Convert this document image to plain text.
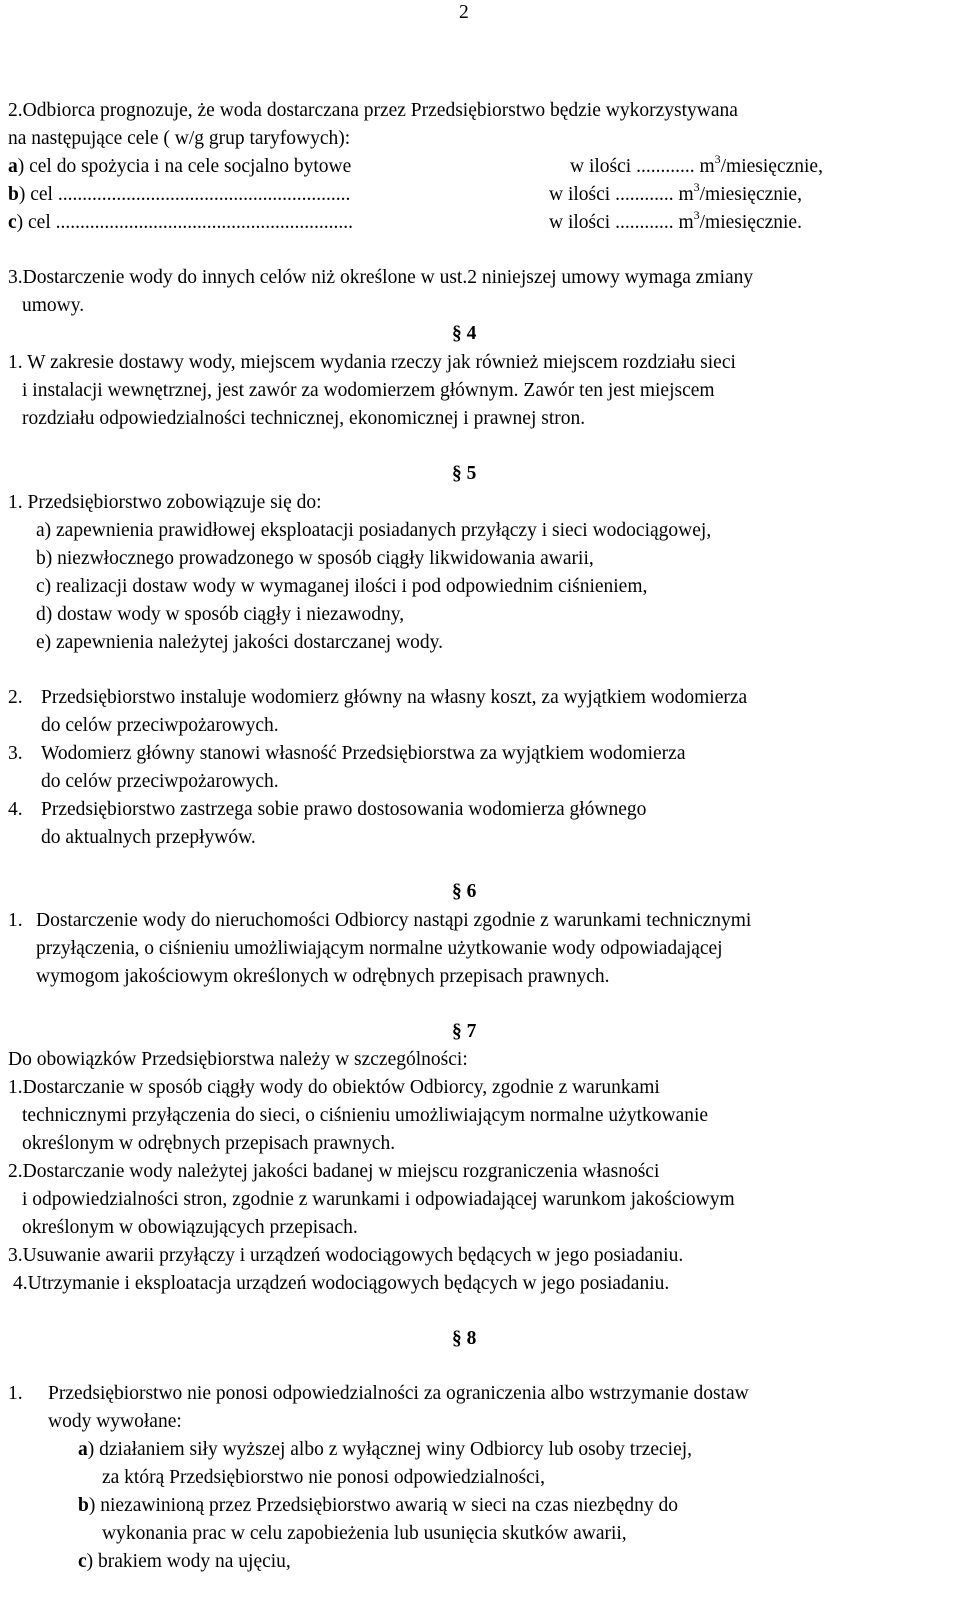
2
2.Odbiorca prognozuje, że woda dostarczana przez Przedsiębiorstwo będzie wykorzystywana
na następujące cele ( w/g grup taryfowych):
a) cel do spożycia i na cele socjalno bytowe	w ilości ............ $m^3$/miesięcznie,
b) cel ............................................................	w ilości ............ $m^3$/miesięcznie,
c) cel .............................................................	w ilości ............ $m^3$/miesięcznie.
3.Dostarczenie wody do innych celów niż określone w ust.2 niniejszej umowy wymaga zmiany
umowy.
§ 4
1. W zakresie dostawy wody, miejscem wydania rzeczy jak również miejscem rozdziału sieci
i instalacji wewnętrznej, jest zawór za wodomierzem głównym. Zawór ten jest miejscem
rozdziału odpowiedzialności technicznej, ekonomicznej i prawnej stron.
§ 5
1. Przedsiębiorstwo zobowiązuje się do:
a) zapewnienia prawidłowej eksploatacji posiadanych przyłączy i sieci wodociągowej,
b) niezwłocznego prowadzonego w sposób ciągły likwidowania awarii,
c) realizacji dostaw wody w wymaganej ilości i pod odpowiednim ciśnieniem,
d) dostaw wody w sposób ciągły i niezawodny,
e) zapewnienia należytej jakości dostarczanej wody.
2. Przedsiębiorstwo instaluje wodomierz główny na własny koszt, za wyjątkiem wodomierza
do celów przeciwpożarowych.
3. Wodomierz główny stanowi własność Przedsiębiorstwa za wyjątkiem wodomierza
do celów przeciwpożarowych.
4. Przedsiębiorstwo zastrzega sobie prawo dostosowania wodomierza głównego
do aktualnych przepływów.
§ 6
1. Dostarczenie wody do nieruchomości Odbiorcy nastąpi zgodnie z warunkami technicznymi
przyłączenia, o ciśnieniu umożliwiającym normalne użytkowanie wody odpowiadającej
wymogom jakościowym określonych w odrębnych przepisach prawnych.
§ 7
Do obowiązków Przedsiębiorstwa należy w szczególności:
1.Dostarczanie w sposób ciągły wody do obiektów Odbiorcy, zgodnie z warunkami
technicznymi przyłączenia do sieci, o ciśnieniu umożliwiającym normalne użytkowanie
określonym w odrębnych przepisach prawnych.
2.Dostarczanie wody należytej jakości badanej w miejscu rozgraniczenia własności
i odpowiedzialności stron, zgodnie z warunkami i odpowiadającej warunkom jakościowym
określonym w obowiązujących przepisach.
3.Usuwanie awarii przyłączy i urządzeń wodociągowych będących w jego posiadaniu.
4.Utrzymanie i eksploatacja urządzeń wodociągowych będących w jego posiadaniu.
§ 8
1. Przedsiębiorstwo nie ponosi odpowiedzialności za ograniczenia albo wstrzymanie dostaw
wody wywołane:
a) działaniem siły wyższej albo z wyłącznej winy Odbiorcy lub osoby trzeciej,
za którą Przedsiębiorstwo nie ponosi odpowiedzialności,
b) niezawinioną przez Przedsiębiorstwo awarią w sieci na czas niezbędny do
wykonania prac w celu zapobieżenia lub usunięcia skutków awarii,
c) brakiem wody na ujęciu,
